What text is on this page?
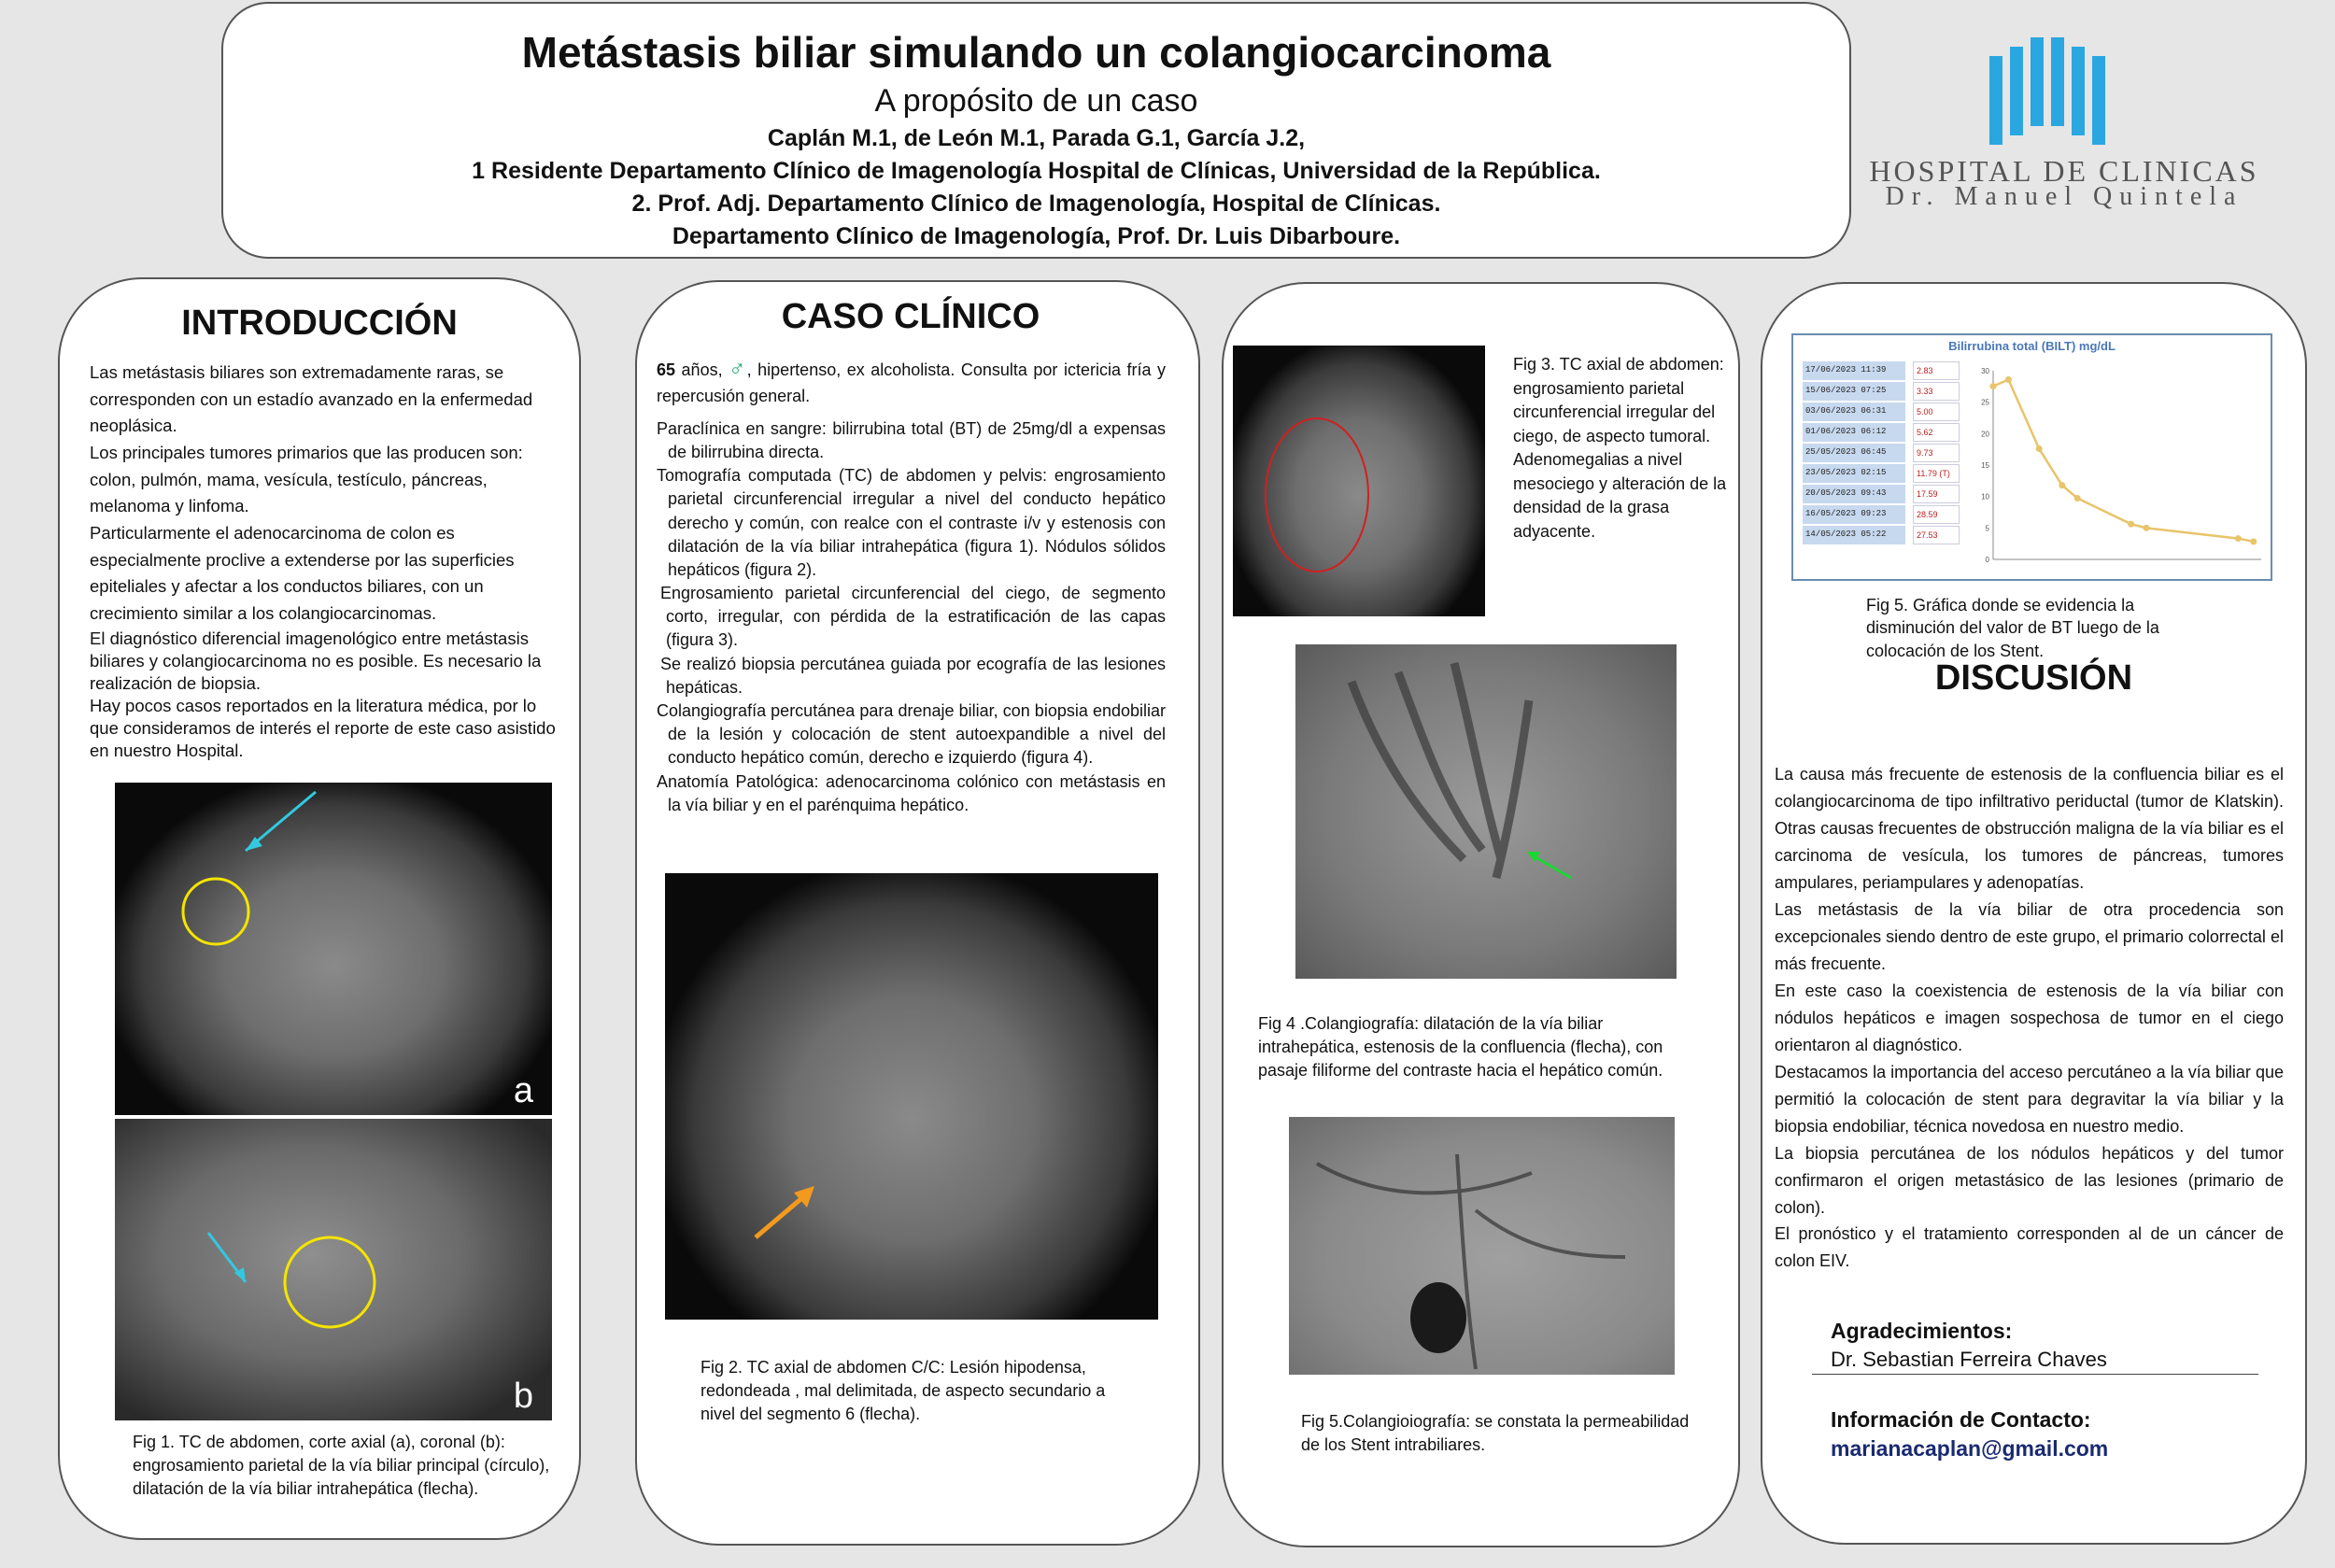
Metástasis biliar simulando un colangiocarcinoma
A propósito de un caso
Caplán M.1, de León M.1, Parada G.1, García J.2,
1 Residente Departamento Clínico de Imagenología Hospital de Clínicas, Universidad de la República.
2. Prof. Adj. Departamento Clínico de Imagenología, Hospital de Clínicas.
Departamento Clínico de Imagenología, Prof. Dr. Luis Dibarboure.
HOSPITAL DE CLINICAS
Dr. Manuel Quintela
INTRODUCCIÓN

Las metástasis biliares son extremadamente raras, se corresponden con un estadío avanzado en la enfermedad neoplásica.

Los principales tumores primarios que las producen son: colon, pulmón, mama, vesícula, testículo, páncreas, melanoma y linfoma.

Particularmente el adenocarcinoma de colon es especialmente proclive a extenderse por las superficies epiteliales y afectar a los conductos biliares, con un crecimiento similar a los colangiocarcinomas.

El diagnóstico diferencial imagenológico entre metástasis biliares y colangiocarcinoma no es posible. Es necesario la realización de biopsia.

Hay pocos casos reportados en la literatura médica, por lo que consideramos de interés el reporte de este caso asistido en nuestro Hospital.

a
b
Fig 1. TC de abdomen, corte axial (a), coronal (b): engrosamiento parietal de la vía biliar principal (círculo), dilatación de la vía biliar intrahepática (flecha).
CASO CLÍNICO

65 años, ♂, hipertenso, ex alcoholista. Consulta por ictericia fría y repercusión general.

Paraclínica en sangre: bilirrubina total (BT) de 25mg/dl a expensas de bilirrubina directa.

Tomografía computada (TC) de abdomen y pelvis: engrosamiento parietal circunferencial irregular a nivel del conducto hepático derecho y común, con realce con el contraste i/v y estenosis con dilatación de la vía biliar intrahepática (figura 1). Nódulos sólidos hepáticos (figura 2).

Engrosamiento parietal circunferencial del ciego, de segmento corto, irregular, con pérdida de la estratificación de las capas (figura 3).

Se realizó biopsia percutánea guiada por ecografía de las lesiones hepáticas.

Colangiografía percutánea para drenaje biliar, con biopsia endobiliar de la lesión y colocación de stent autoexpandible a nivel del conducto hepático común, derecho e izquierdo (figura 4).

Anatomía Patológica: adenocarcinoma colónico con metástasis en la vía biliar y en el parénquima hepático.

Fig 2. TC axial de abdomen C/C: Lesión hipodensa, redondeada , mal delimitada, de aspecto secundario a nivel del segmento 6 (flecha).
Fig 3. TC axial de abdomen: engrosamiento parietal circunferencial irregular del ciego, de aspecto tumoral. Adenomegalias a nivel mesociego y alteración de la densidad de la grasa adyacente.
Fig 4 .Colangiografía: dilatación de la vía biliar intrahepática, estenosis de la confluencia (flecha), con pasaje filiforme del contraste hacia el hepático común.
Fig 5.Colangioiografía: se constata la permeabilidad de los Stent intrabiliares.
Bilirrubina total (BILT) mg/dL
17/06/2023 11:39	2.83
15/06/2023 07:25	3.33
03/06/2023 06:31	5.00
01/06/2023 06:12	5.62
25/05/2023 06:45	9.73
23/05/2023 02:15	11.79 (T)
20/05/2023 09:43	17.59
16/05/2023 09:23	28.59
14/05/2023 05:22	27.53
0
5
10
15
20
25
30
Fig 5. Gráfica donde se evidencia la disminución del valor de BT luego de la colocación de los Stent.
DISCUSIÓN

La causa más frecuente de estenosis de la confluencia biliar es el colangiocarcinoma de tipo infiltrativo periductal (tumor de Klatskin). Otras causas frecuentes de obstrucción maligna de la vía biliar es el carcinoma de vesícula, los tumores de páncreas, tumores ampulares, periampulares y adenopatías.

Las metástasis de la vía biliar de otra procedencia son excepcionales siendo dentro de este grupo, el primario colorrectal el más frecuente.

En este caso la coexistencia de estenosis de la vía biliar con nódulos hepáticos e imagen sospechosa de tumor en el ciego orientaron al diagnóstico.

Destacamos la importancia del acceso percutáneo a la vía biliar que permitió la colocación de stent para degravitar la vía biliar y la biopsia endobiliar, técnica novedosa en nuestro medio.

La biopsia percutánea de los nódulos hepáticos y del tumor confirmaron el origen metastásico de las lesiones (primario de colon).

El pronóstico y el tratamiento corresponden al de un cáncer de colon EIV.

Agradecimientos:
Dr. Sebastian Ferreira Chaves
Información de Contacto:
marianacaplan@gmail.com
